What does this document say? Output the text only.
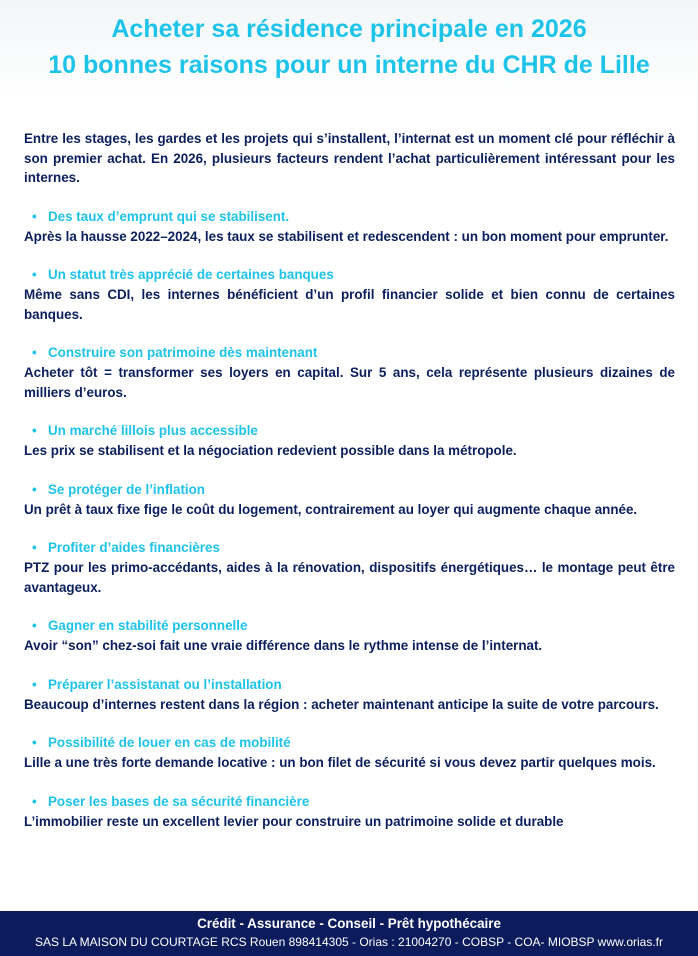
Acheter sa résidence principale en 2026
10 bonnes raisons pour un interne du CHR de Lille

Entre les stages, les gardes et les projets qui s’installent, l’internat est un moment clé pour réfléchir à son premier achat. En 2026, plusieurs facteurs rendent l’achat particulièrement intéressant pour les internes.

• Des taux d’emprunt qui se stabilisent.

Après la hausse 2022–2024, les taux se stabilisent et redescendent : un bon moment pour emprunter.

• Un statut très apprécié de certaines banques

Même sans CDI, les internes bénéficient d’un profil financier solide et bien connu de certaines banques.

• Construire son patrimoine dès maintenant

Acheter tôt = transformer ses loyers en capital. Sur 5 ans, cela représente plusieurs dizaines de milliers d’euros.

• Un marché lillois plus accessible

Les prix se stabilisent et la négociation redevient possible dans la métropole.

• Se protéger de l’inflation

Un prêt à taux fixe fige le coût du logement, contrairement au loyer qui augmente chaque année.

• Profiter d’aides financières

PTZ pour les primo-accédants, aides à la rénovation, dispositifs énergétiques… le montage peut être avantageux.

• Gagner en stabilité personnelle

Avoir “son” chez-soi fait une vraie différence dans le rythme intense de l’internat.

• Préparer l’assistanat ou l’installation

Beaucoup d’internes restent dans la région : acheter maintenant anticipe la suite de votre parcours.

• Possibilité de louer en cas de mobilité

Lille a une très forte demande locative : un bon filet de sécurité si vous devez partir quelques mois.

• Poser les bases de sa sécurité financière

L’immobilier reste un excellent levier pour construire un patrimoine solide et durable

Crédit - Assurance - Conseil - Prêt hypothécaire
SAS LA MAISON DU COURTAGE RCS Rouen 898414305 - Orias : 21004270 - COBSP - COA- MIOBSP www.orias.fr
